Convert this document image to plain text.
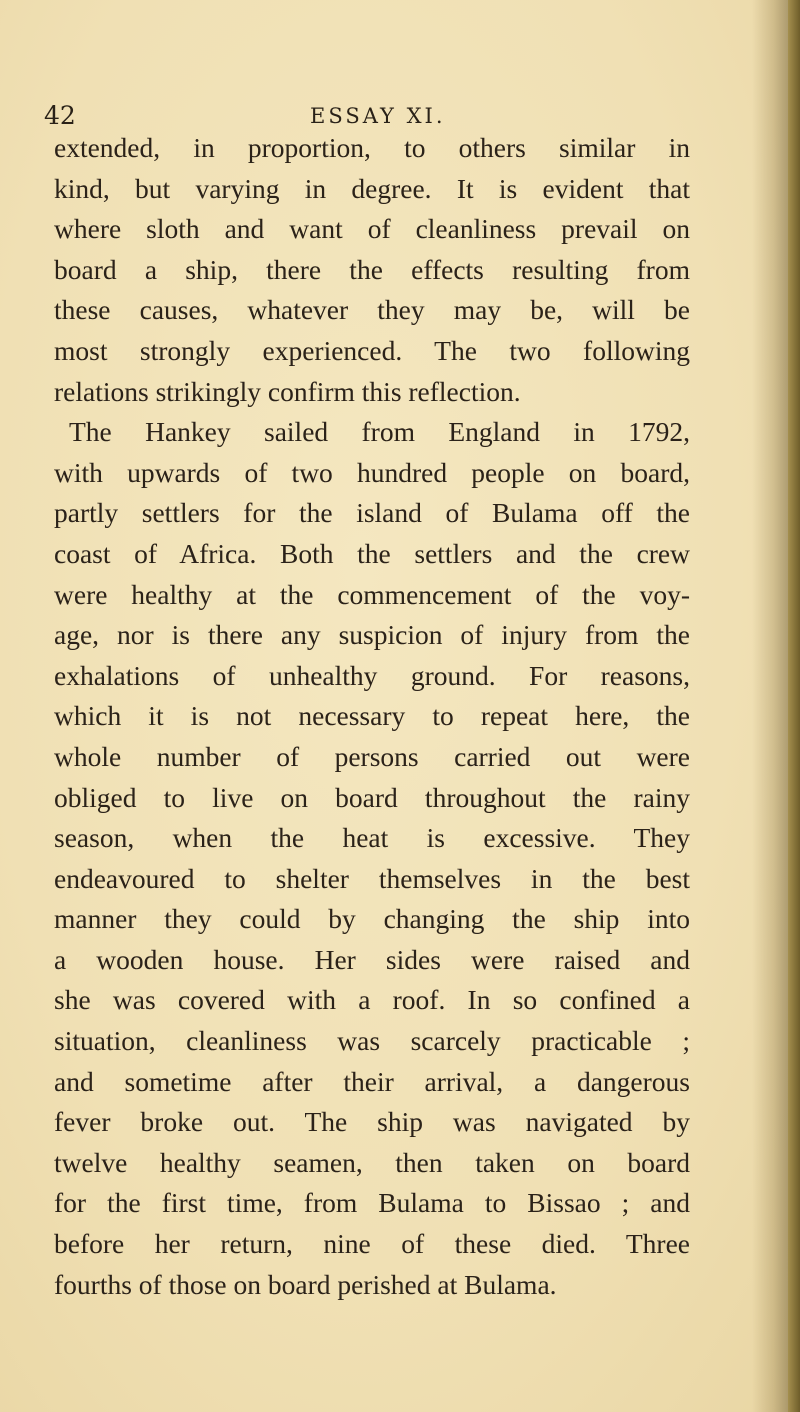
42	ESSAY XI.
extended, in proportion, to others similar in
kind, but varying in degree. It is evident that
where sloth and want of cleanliness prevail on
board a ship, there the effects resulting from
these causes, whatever they may be, will be
most strongly experienced. The two following
relations strikingly confirm this reflection.
The Hankey sailed from England in 1792,
with upwards of two hundred people on board,
partly settlers for the island of Bulama off the
coast of Africa. Both the settlers and the crew
were healthy at the commencement of the voy-
age, nor is there any suspicion of injury from the
exhalations of unhealthy ground. For reasons,
which it is not necessary to repeat here, the
whole number of persons carried out were
obliged to live on board throughout the rainy
season, when the heat is excessive. They
endeavoured to shelter themselves in the best
manner they could by changing the ship into
a wooden house. Her sides were raised and
she was covered with a roof. In so confined a
situation, cleanliness was scarcely practicable ;
and sometime after their arrival, a dangerous
fever broke out. The ship was navigated by
twelve healthy seamen, then taken on board
for the first time, from Bulama to Bissao ; and
before her return, nine of these died. Three
fourths of those on board perished at Bulama.
